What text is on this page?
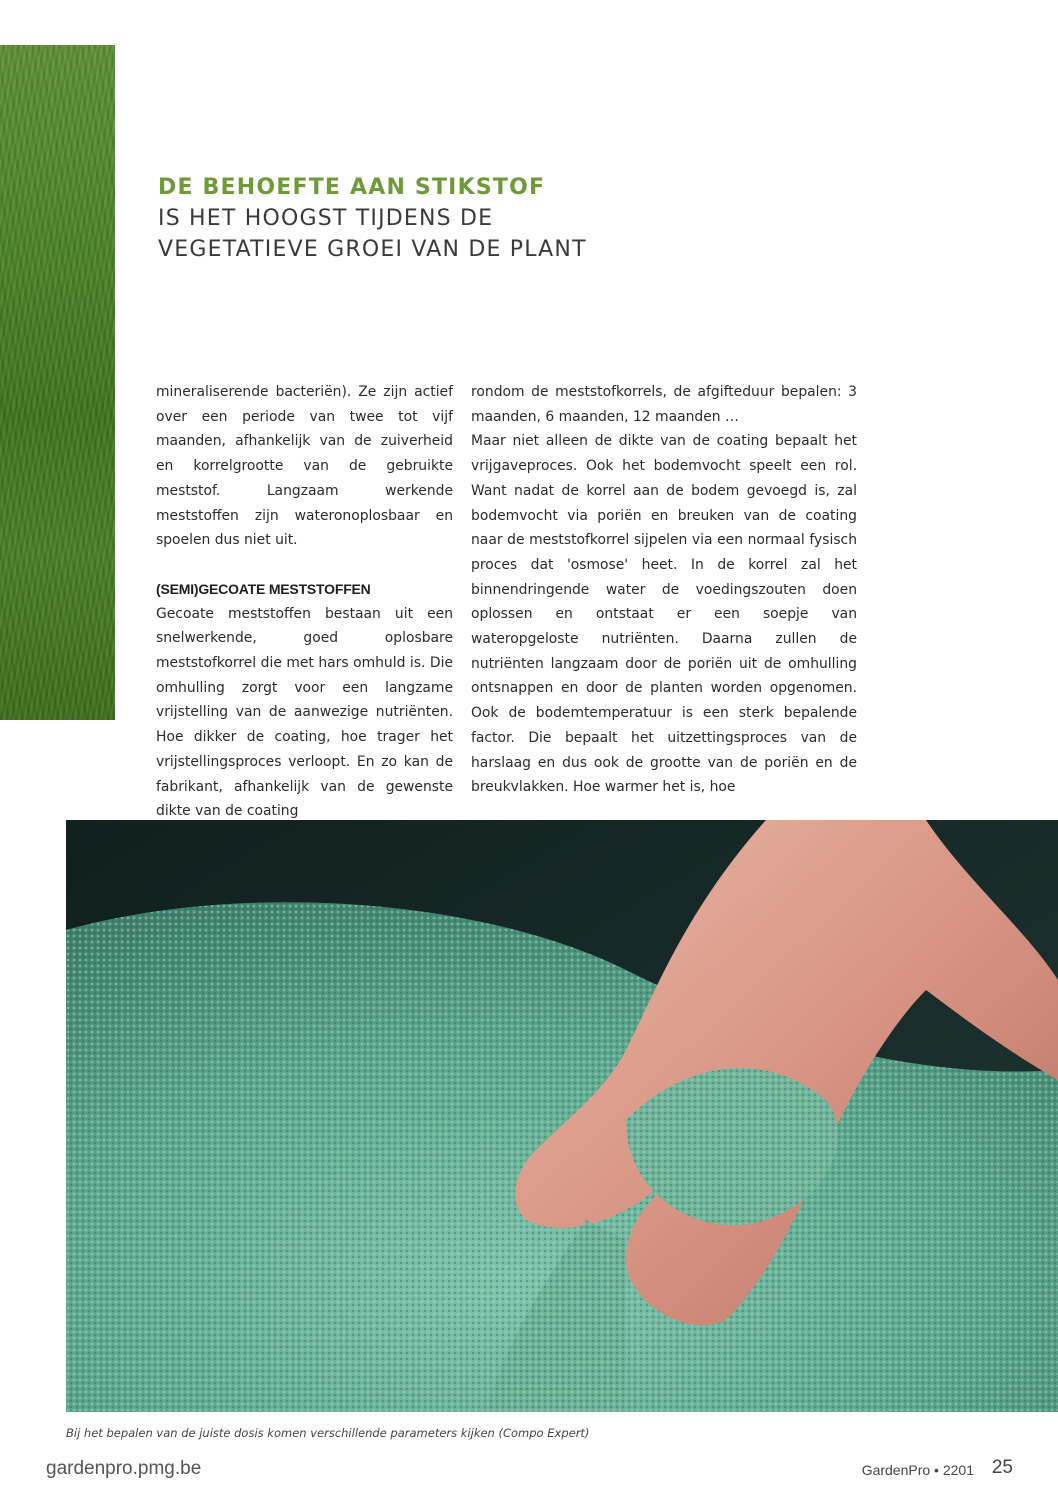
DE BEHOEFTE AAN STIKSTOF

IS HET HOOGST TIJDENS DE

VEGETATIEVE GROEI VAN DE PLANT

mineraliserende bacteriën). Ze zijn actief over een periode van twee tot vijf maanden, afhankelijk van de zuiverheid en korrelgrootte van de gebruikte meststof. Langzaam werkende meststoffen zijn wateronoplosbaar en spoelen dus niet uit.

(SEMI)GECOATE MESTSTOFFEN

Gecoate meststoffen bestaan uit een snelwerkende, goed oplosbare meststofkorrel die met hars omhuld is. Die omhulling zorgt voor een langzame vrijstelling van de aanwezige nutriënten. Hoe dikker de coating, hoe trager het vrijstellingsproces verloopt. En zo kan de fabrikant, afhankelijk van de gewenste dikte van de coating

rondom de meststofkorrels, de afgifteduur bepalen: 3 maanden, 6 maanden, 12 maanden …

Maar niet alleen de dikte van de coating bepaalt het vrijgaveproces. Ook het bodemvocht speelt een rol. Want nadat de korrel aan de bodem gevoegd is, zal bodemvocht via poriën en breuken van de coating naar de meststofkorrel sijpelen via een normaal fysisch proces dat 'osmose' heet. In de korrel zal het binnendringende water de voedingszouten doen oplossen en ontstaat er een soepje van wateropgeloste nutriënten. Daarna zullen de nutriënten langzaam door de poriën uit de omhulling ontsnappen en door de planten worden opgenomen. Ook de bodemtemperatuur is een sterk bepalende factor. Die bepaalt het uitzettingsproces van de harslaag en dus ook de grootte van de poriën en de breukvlakken. Hoe warmer het is, hoe

Bij het bepalen van de juiste dosis komen verschillende parameters kijken (Compo Expert)
gardenpro.pmg.be	GardenPro • 2201 25
